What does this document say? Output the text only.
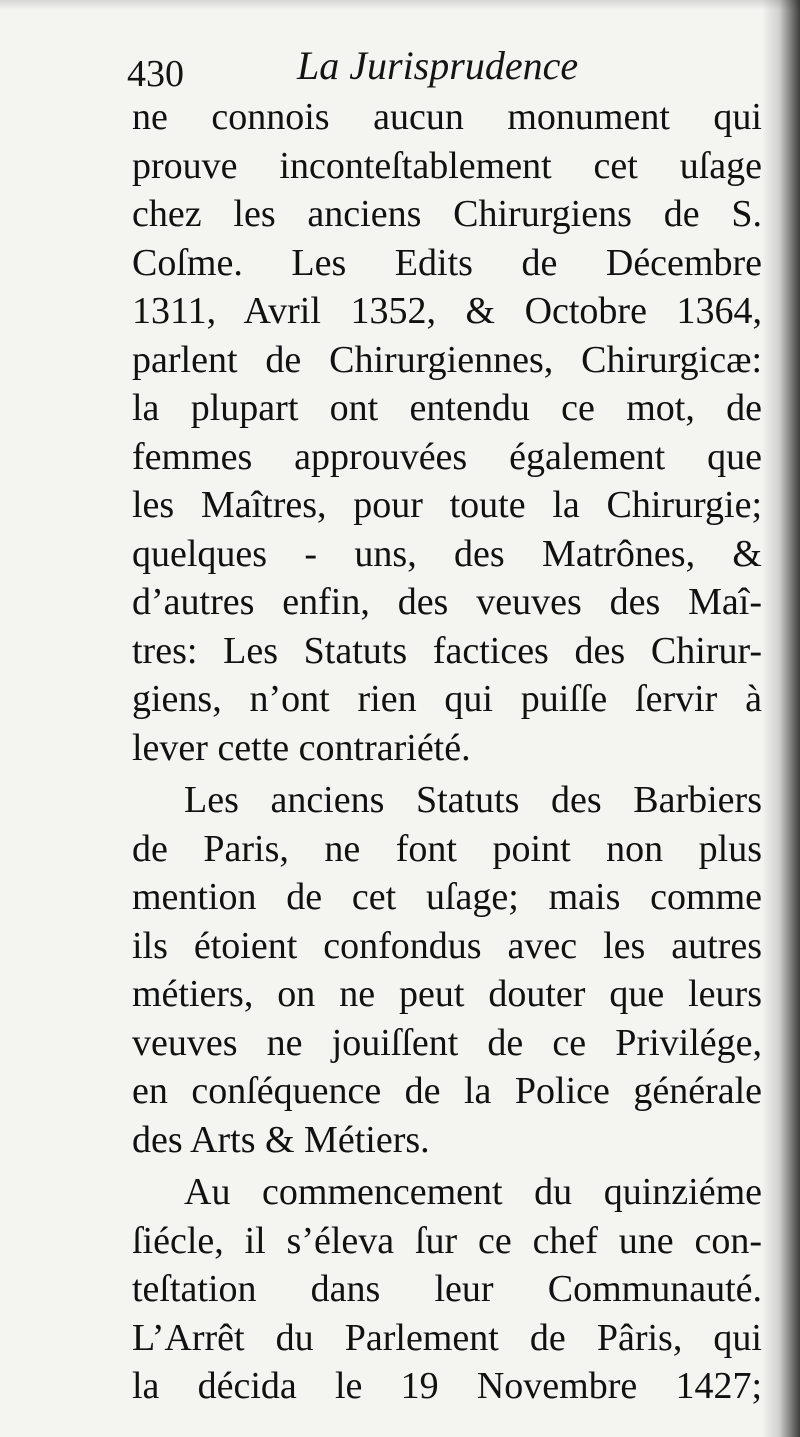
430	La Jurisprudence
ne connois aucun monument qui
prouve inconteſtablement cet uſage
chez les anciens Chirurgiens de S.
Coſme. Les Edits de Décembre
1311, Avril 1352, & Octobre 1364,
parlent de Chirurgiennes, Chirurgicæ:
la plupart ont entendu ce mot, de
femmes approuvées également que
les Maîtres, pour toute la Chirurgie;
quelques - uns, des Matrônes, &
d’autres enfin, des veuves des Maî-
tres: Les Statuts factices des Chirur-
giens, n’ont rien qui puiſſe ſervir à
lever cette contrariété.
Les anciens Statuts des Barbiers
de Paris, ne font point non plus
mention de cet uſage; mais comme
ils étoient confondus avec les autres
métiers, on ne peut douter que leurs
veuves ne jouiſſent de ce Privilége,
en conſéquence de la Police générale
des Arts & Métiers.
Au commencement du quinziéme
ſiécle, il s’éleva ſur ce chef une con-
teſtation dans leur Communauté.
L’Arrêt du Parlement de Pâris, qui
la décida le 19 Novembre 1427;
